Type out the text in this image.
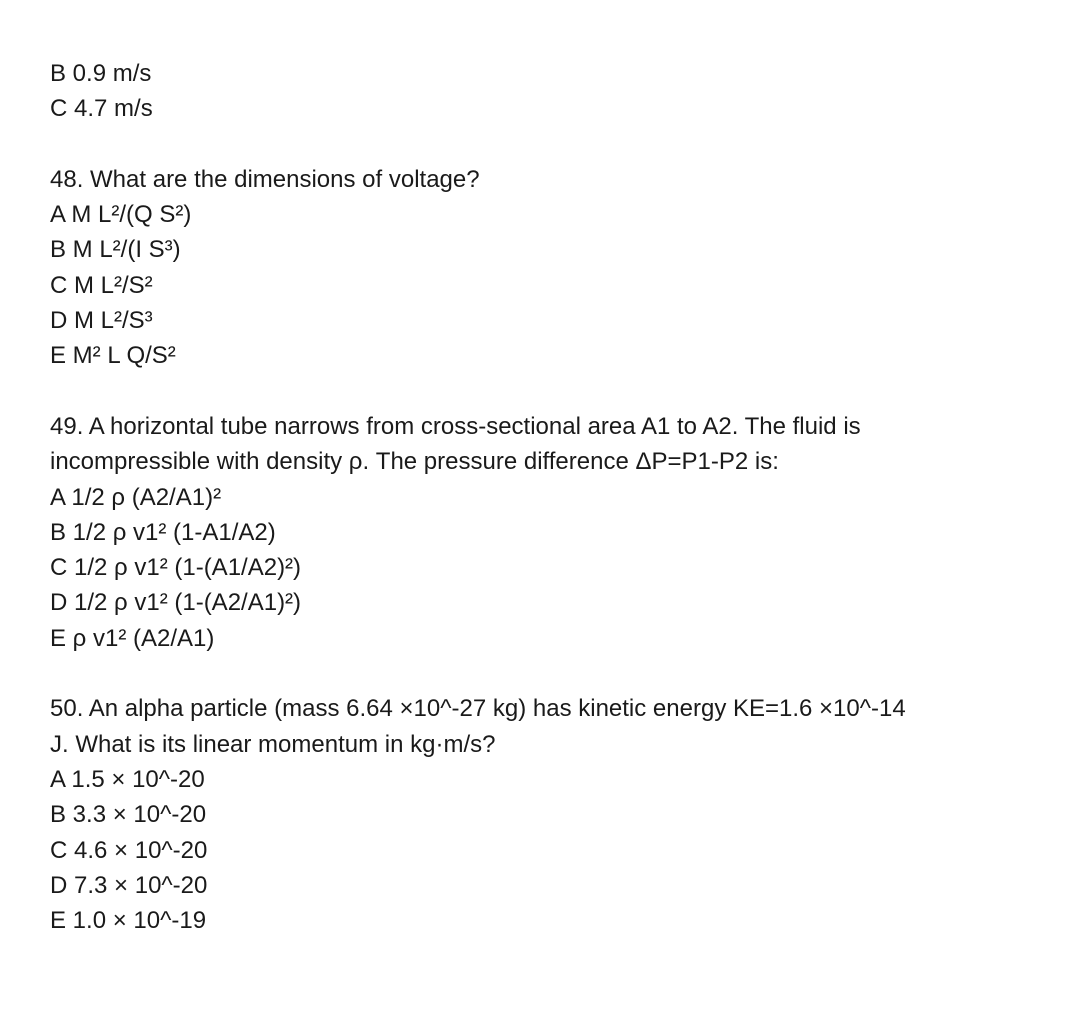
B 0.9 m/s
C 4.7 m/s
48. What are the dimensions of voltage?
A M L²/(Q S²)
B M L²/(I S³)
C M L²/S²
D M L²/S³
E M² L Q/S²
49. A horizontal tube narrows from cross-sectional area A1 to A2. The fluid is
incompressible with density ρ. The pressure difference ΔP=P1-P2 is:
A 1/2 ρ (A2/A1)²
B 1/2 ρ v1² (1-A1/A2)
C 1/2 ρ v1² (1-(A1/A2)²)
D 1/2 ρ v1² (1-(A2/A1)²)
E ρ v1² (A2/A1)
50. An alpha particle (mass 6.64 ×10^-27 kg) has kinetic energy KE=1.6 ×10^-14
J. What is its linear momentum in kg·m/s?
A 1.5 × 10^-20
B 3.3 × 10^-20
C 4.6 × 10^-20
D 7.3 × 10^-20
E 1.0 × 10^-19
